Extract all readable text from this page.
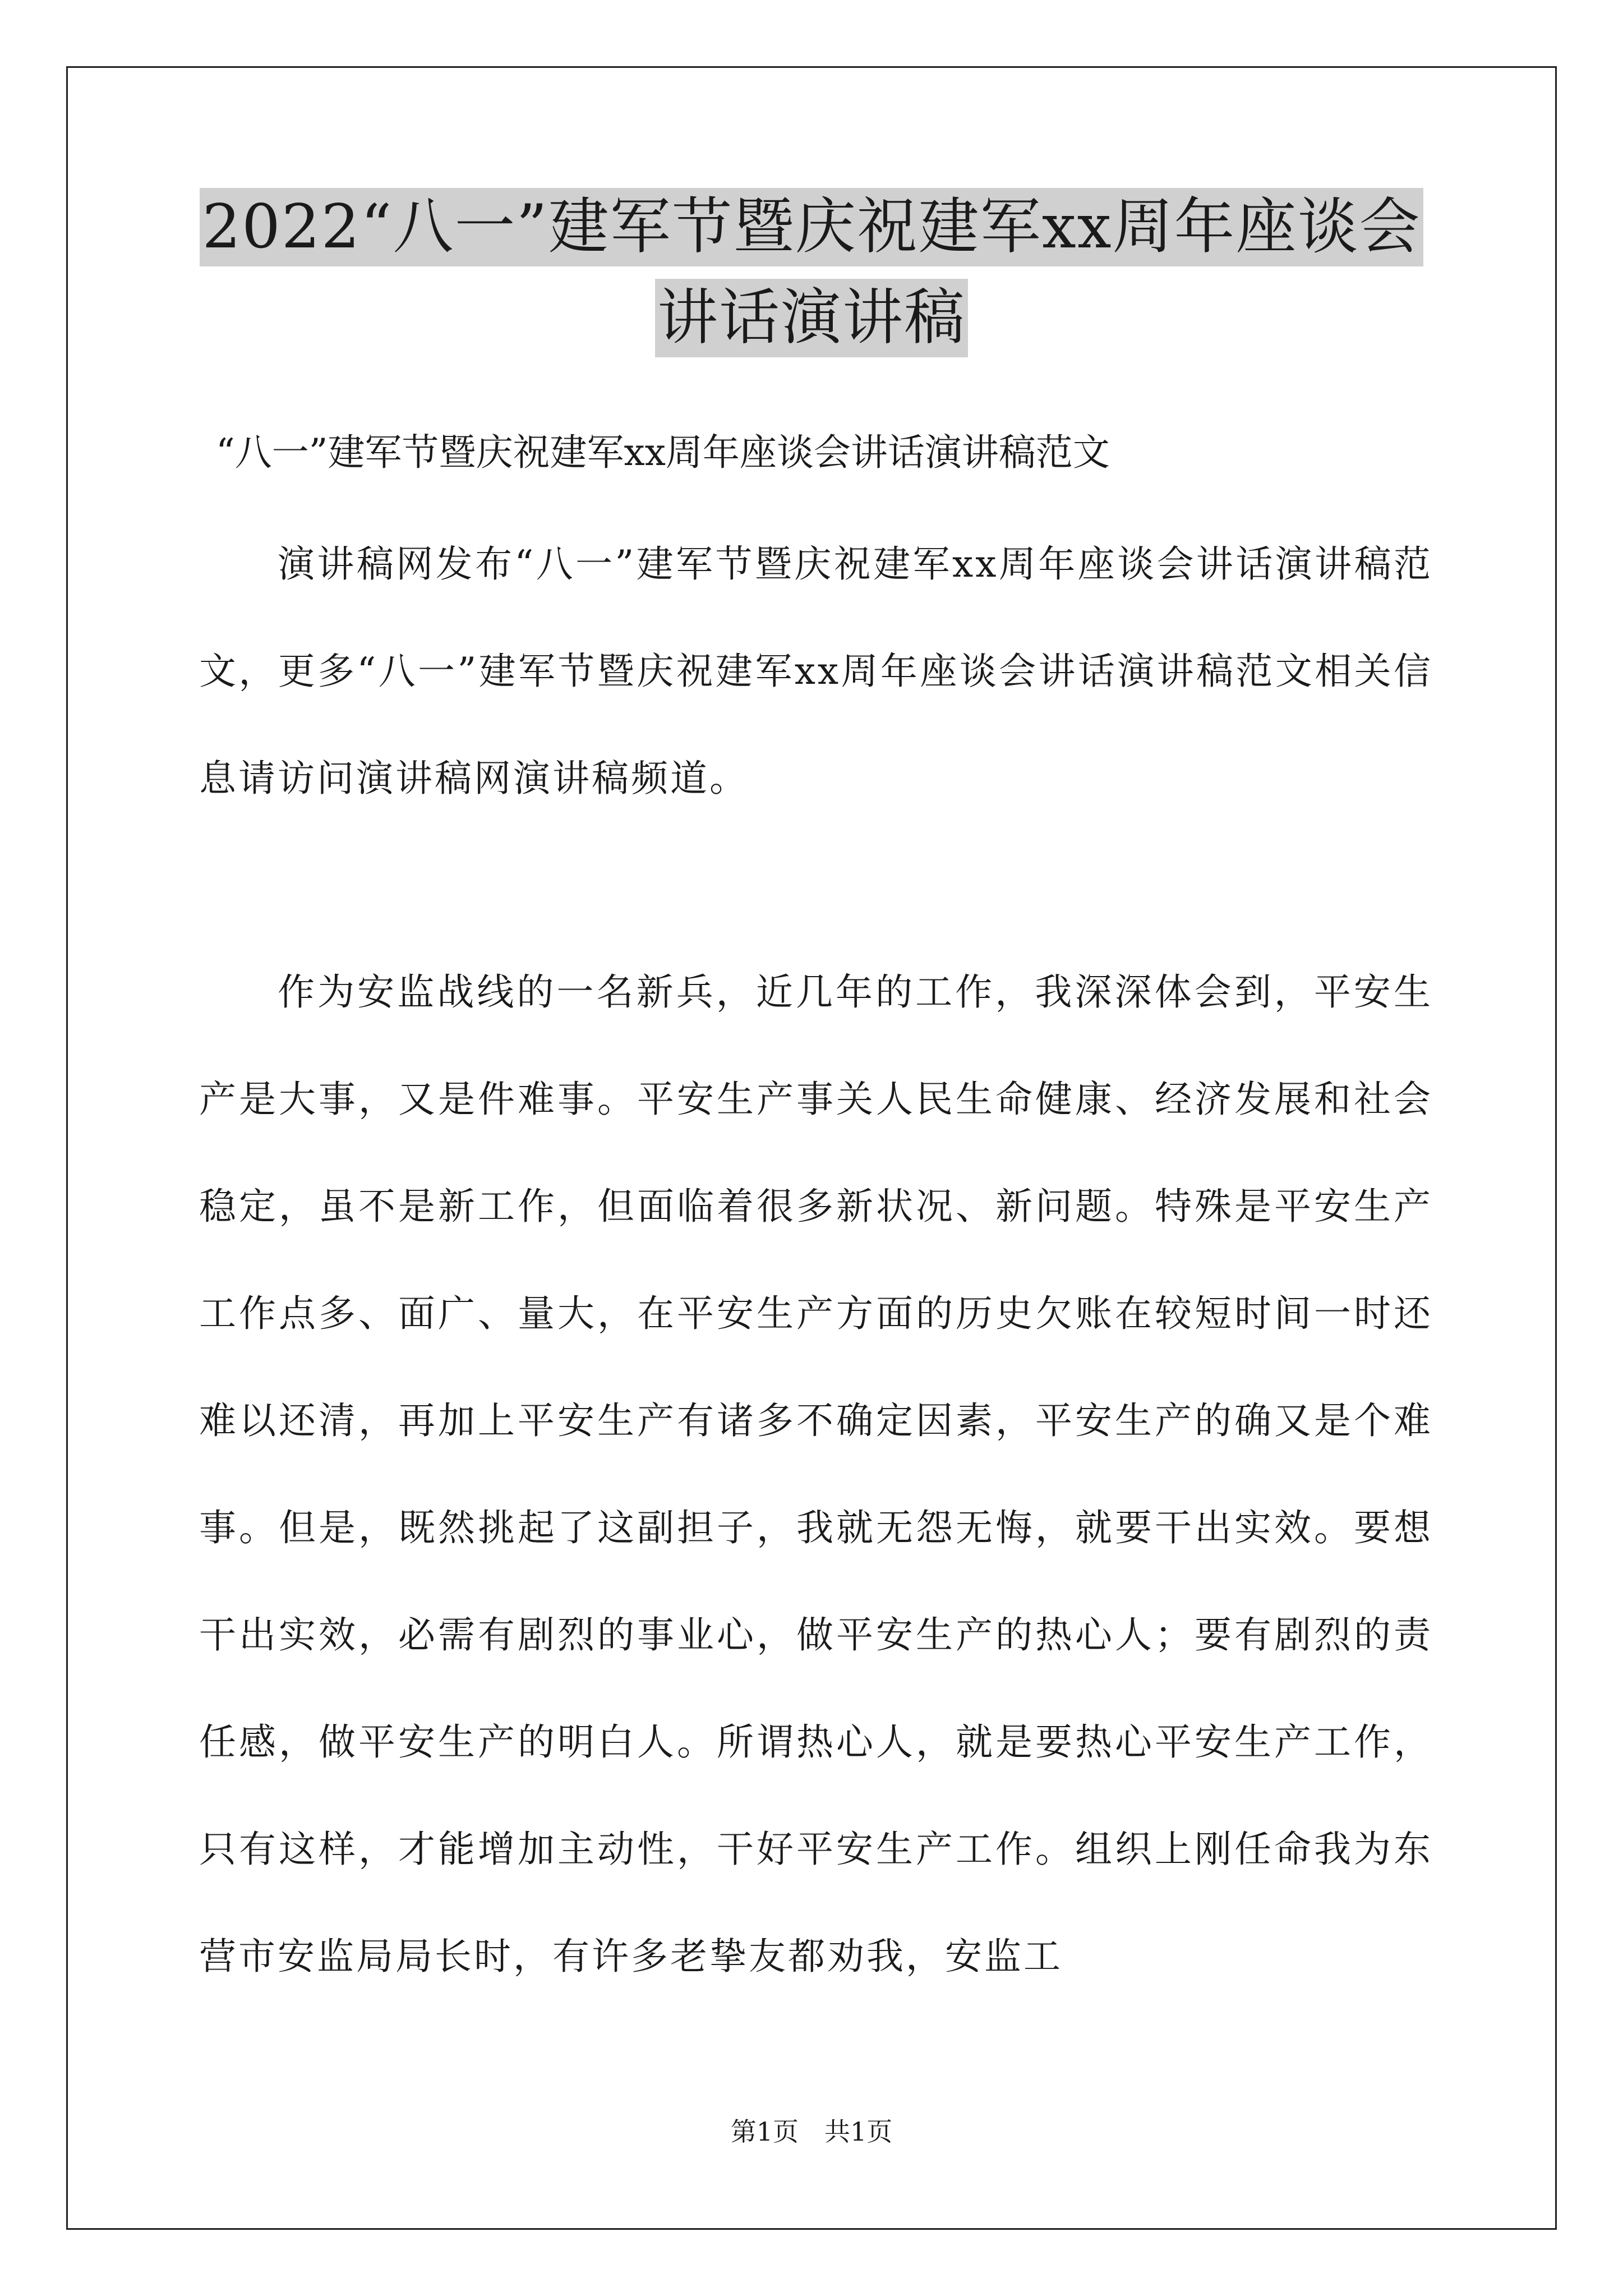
2022“八一”建军节暨庆祝建军xx周年座谈会
讲话演讲稿
“八一”建军节暨庆祝建军xx周年座谈会讲话演讲稿范文

演讲稿网发布“八一”建军节暨庆祝建军xx周年座谈会讲话演讲稿范文，更多“八一”建军节暨庆祝建军xx周年座谈会讲话演讲稿范文相关信息请访问演讲稿网演讲稿频道。

作为安监战线的一名新兵，近几年的工作，我深深体会到，平安生产是大事，又是件难事。平安生产事关人民生命健康、经济发展和社会稳定，虽不是新工作，但面临着很多新状况、新问题。特殊是平安生产工作点多、面广、量大，在平安生产方面的历史欠账在较短时间一时还难以还清，再加上平安生产有诸多不确定因素，平安生产的确又是个难事。但是，既然挑起了这副担子，我就无怨无悔，就要干出实效。要想干出实效，必需有剧烈的事业心，做平安生产的热心人；要有剧烈的责任感，做平安生产的明白人。所谓热心人，就是要热心平安生产工作，只有这样，才能增加主动性，干好平安生产工作。组织上刚任命我为东营市安监局局长时，有许多老挚友都劝我，安监工

第1页　共1页
